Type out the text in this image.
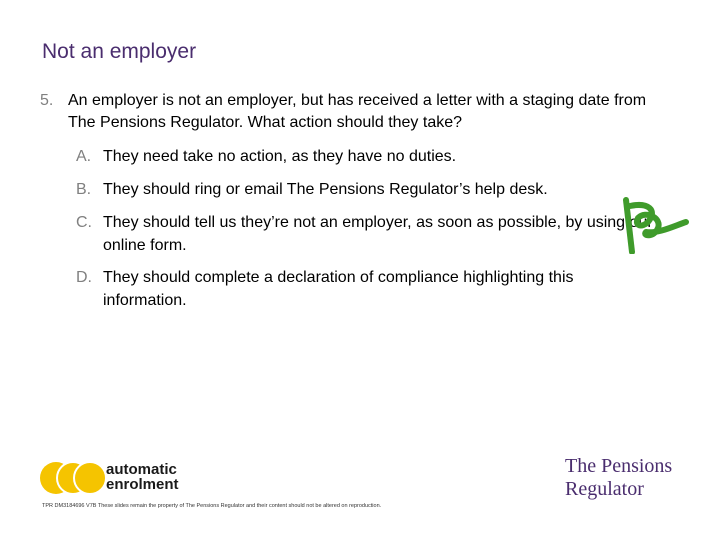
Not an employer
5. An employer is not an employer, but has received a letter with a staging date from The Pensions Regulator. What action should they take?
A. They need take no action, as they have no duties.
B. They should ring or email The Pensions Regulator’s help desk.
C. They should tell us they’re not an employer, as soon as possible, by using our online form.
D. They should complete a declaration of compliance highlighting this information.
automatic
enrolment
The Pensions
Regulator
TPR DM3184696 V7B These slides remain the property of The Pensions Regulator and their content should not be altered on reproduction.
